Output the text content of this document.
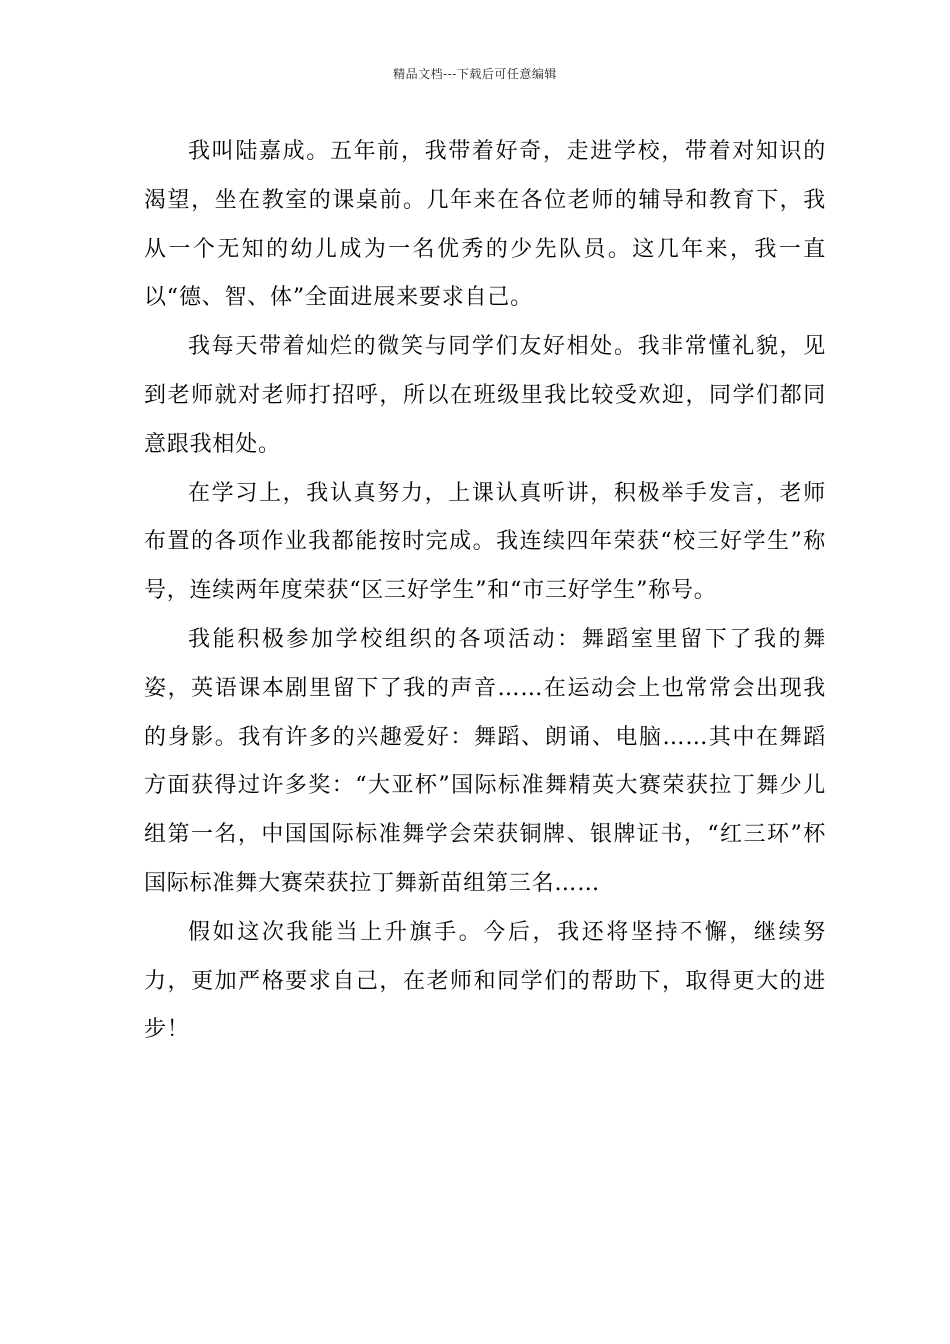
精品文档---下载后可任意编辑

我叫陆嘉成。五年前，我带着好奇，走进学校，带着对知识的渴望，坐在教室的课桌前。几年来在各位老师的辅导和教育下，我从一个无知的幼儿成为一名优秀的少先队员。这几年来，我一直以“德、智、体”全面进展来要求自己。

我每天带着灿烂的微笑与同学们友好相处。我非常懂礼貌，见到老师就对老师打招呼，所以在班级里我比较受欢迎，同学们都同意跟我相处。

在学习上，我认真努力，上课认真听讲，积极举手发言，老师布置的各项作业我都能按时完成。我连续四年荣获“校三好学生”称号，连续两年度荣获“区三好学生”和“市三好学生”称号。

我能积极参加学校组织的各项活动：舞蹈室里留下了我的舞姿，英语课本剧里留下了我的声音……在运动会上也常常会出现我的身影。我有许多的兴趣爱好：舞蹈、朗诵、电脑……其中在舞蹈方面获得过许多奖：“大亚杯”国际标准舞精英大赛荣获拉丁舞少儿组第一名，中国国际标准舞学会荣获铜牌、银牌证书，“红三环”杯国际标准舞大赛荣获拉丁舞新苗组第三名……

假如这次我能当上升旗手。今后，我还将坚持不懈，继续努力，更加严格要求自己，在老师和同学们的帮助下，取得更大的进步！
